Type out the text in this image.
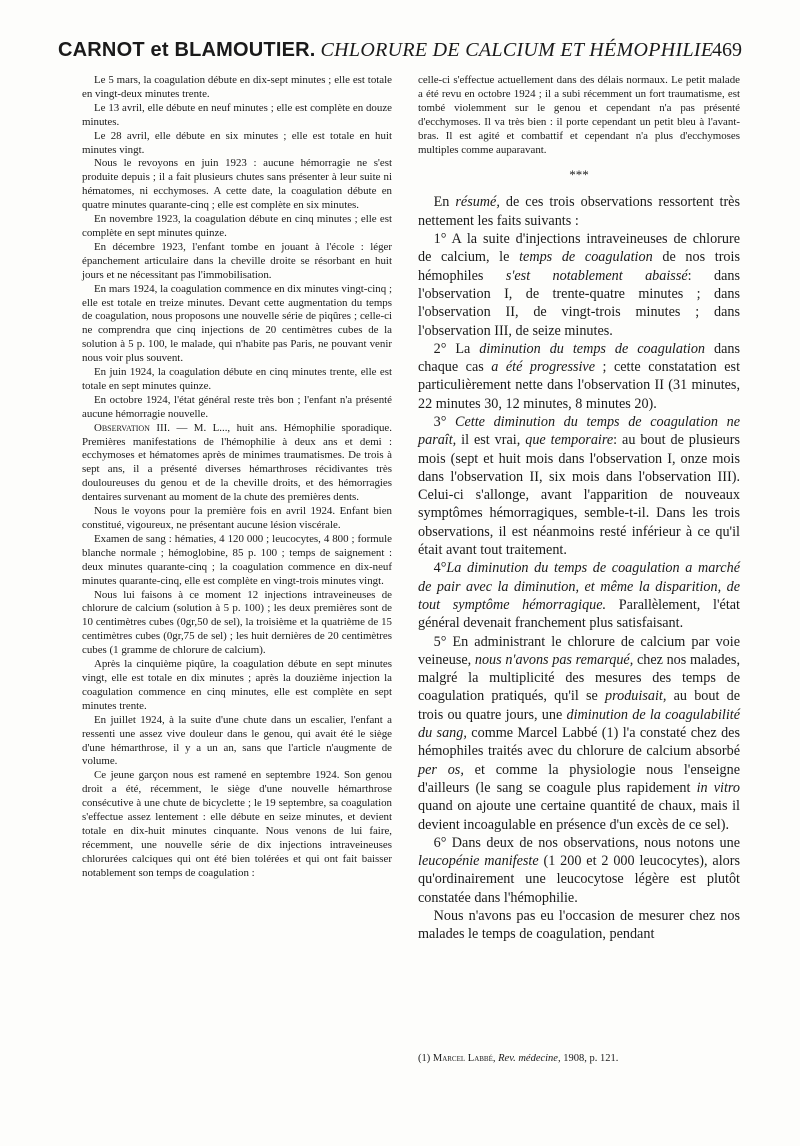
CARNOT et BLAMOUTIER. CHLORURE DE CALCIUM ET HÉMOPHILIE
469

Le 5 mars, la coagulation débute en dix-sept minutes ; elle est totale en vingt-deux minutes trente.

Le 13 avril, elle débute en neuf minutes ; elle est complète en douze minutes.

Le 28 avril, elle débute en six minutes ; elle est totale en huit minutes vingt.

Nous le revoyons en juin 1923 : aucune hémorragie ne s'est produite depuis ; il a fait plusieurs chutes sans présenter à leur suite ni hématomes, ni ecchymoses. A cette date, la coagulation débute en quatre minutes quarante-cinq ; elle est complète en six minutes.

En novembre 1923, la coagulation débute en cinq minutes ; elle est complète en sept minutes quinze.

En décembre 1923, l'enfant tombe en jouant à l'école : léger épanchement articulaire dans la cheville droite se résorbant en huit jours et ne nécessitant pas l'immobilisation.

En mars 1924, la coagulation commence en dix minutes vingt-cinq ; elle est totale en treize minutes. Devant cette augmentation du temps de coagulation, nous proposons une nouvelle série de piqûres ; celle-ci ne comprendra que cinq injections de 20 centimètres cubes de la solution à 5 p. 100, le malade, qui n'habite pas Paris, ne pouvant venir nous voir plus souvent.

En juin 1924, la coagulation débute en cinq minutes trente, elle est totale en sept minutes quinze.

En octobre 1924, l'état général reste très bon ; l'enfant n'a présenté aucune hémorragie nouvelle.

Observation III. — M. L..., huit ans. Hémophilie sporadique. Premières manifestations de l'hémophilie à deux ans et demi : ecchymoses et hématomes après de minimes traumatismes. De trois à sept ans, il a présenté diverses hémarthroses récidivantes très douloureuses du genou et de la cheville droits, et des hémorragies dentaires survenant au moment de la chute des premières dents.

Nous le voyons pour la première fois en avril 1924. Enfant bien constitué, vigoureux, ne présentant aucune lésion viscérale.

Examen de sang : hématies, 4 120 000 ; leucocytes, 4 800 ; formule blanche normale ; hémoglobine, 85 p. 100 ; temps de saignement : deux minutes quarante-cinq ; la coagulation commence en dix-neuf minutes quarante-cinq, elle est complète en vingt-trois minutes vingt.

Nous lui faisons à ce moment 12 injections intraveineuses de chlorure de calcium (solution à 5 p. 100) ; les deux premières sont de 10 centimètres cubes (0gr,50 de sel), la troisième et la quatrième de 15 centimètres cubes (0gr,75 de sel) ; les huit dernières de 20 centimètres cubes (1 gramme de chlorure de calcium).

Après la cinquième piqûre, la coagulation débute en sept minutes vingt, elle est totale en dix minutes ; après la douzième injection la coagulation commence en cinq minutes, elle est complète en sept minutes trente.

En juillet 1924, à la suite d'une chute dans un escalier, l'enfant a ressenti une assez vive douleur dans le genou, qui avait été le siège d'une hémarthrose, il y a un an, sans que l'article n'augmente de volume.

Ce jeune garçon nous est ramené en septembre 1924. Son genou droit a été, récemment, le siège d'une nouvelle hémarthrose consécutive à une chute de bicyclette ; le 19 septembre, sa coagulation s'effectue assez lentement : elle débute en seize minutes, et devient totale en dix-huit minutes cinquante. Nous venons de lui faire, récemment, une nouvelle série de dix injections intraveineuses chlorurées calciques qui ont été bien tolérées et qui ont fait baisser notablement son temps de coagulation :

celle-ci s'effectue actuellement dans des délais normaux. Le petit malade a été revu en octobre 1924 ; il a subi récemment un fort traumatisme, est tombé violemment sur le genou et cependant n'a pas présenté d'ecchymoses. Il va très bien : il porte cependant un petit bleu à l'avant-bras. Il est agité et combattif et cependant n'a plus d'ecchymoses multiples comme auparavant.

***

En résumé, de ces trois observations ressortent très nettement les faits suivants :

1° A la suite d'injections intraveineuses de chlorure de calcium, le temps de coagulation de nos trois hémophiles s'est notablement abaissé: dans l'observation I, de trente-quatre minutes ; dans l'observation II, de vingt-trois minutes ; dans l'observation III, de seize minutes.

2° La diminution du temps de coagulation dans chaque cas a été progressive ; cette constatation est particulièrement nette dans l'observation II (31 minutes, 22 minutes 30, 12 minutes, 8 minutes 20).

3° Cette diminution du temps de coagulation ne paraît, il est vrai, que temporaire: au bout de plusieurs mois (sept et huit mois dans l'observation I, onze mois dans l'observation II, six mois dans l'observation III). Celui-ci s'allonge, avant l'apparition de nouveaux symptômes hémorragiques, semble-t-il. Dans les trois observations, il est néanmoins resté inférieur à ce qu'il était avant tout traitement.

4°La diminution du temps de coagulation a marché de pair avec la diminution, et même la disparition, de tout symptôme hémorragique. Parallèlement, l'état général devenait franchement plus satisfaisant.

5° En administrant le chlorure de calcium par voie veineuse, nous n'avons pas remarqué, chez nos malades, malgré la multiplicité des mesures des temps de coagulation pratiqués, qu'il se produisait, au bout de trois ou quatre jours, une diminution de la coagulabilité du sang, comme Marcel Labbé (1) l'a constaté chez des hémophiles traités avec du chlorure de calcium absorbé per os, et comme la physiologie nous l'enseigne d'ailleurs (le sang se coagule plus rapidement in vitro quand on ajoute une certaine quantité de chaux, mais il devient incoagulable en présence d'un excès de ce sel).

6° Dans deux de nos observations, nous notons une leucopénie manifeste (1 200 et 2 000 leucocytes), alors qu'ordinairement une leucocytose légère est plutôt constatée dans l'hémophilie.

Nous n'avons pas eu l'occasion de mesurer chez nos malades le temps de coagulation, pendant

(1) Marcel Labbé, Rev. médecine, 1908, p. 121.
